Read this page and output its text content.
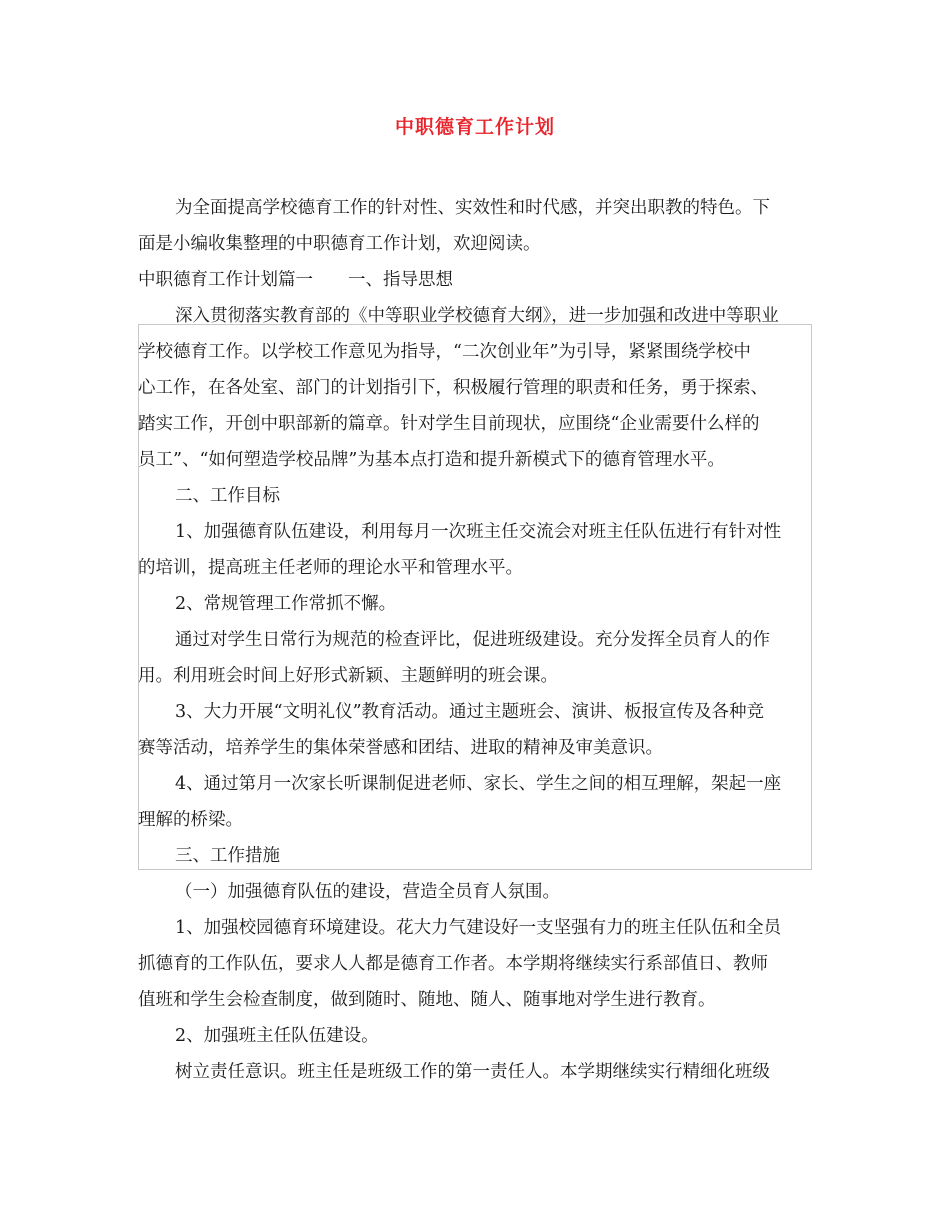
中职德育工作计划
为全面提高学校德育工作的针对性、实效性和时代感，并突出职教的特色。下
面是小编收集整理的中职德育工作计划，欢迎阅读。
中职德育工作计划篇一　　一、指导思想
深入贯彻落实教育部的《中等职业学校德育大纲》，进一步加强和改进中等职业
学校德育工作。以学校工作意见为指导，“二次创业年”为引导，紧紧围绕学校中
心工作，在各处室、部门的计划指引下，积极履行管理的职责和任务，勇于探索、
踏实工作，开创中职部新的篇章。针对学生目前现状，应围绕“企业需要什么样的
员工”、“如何塑造学校品牌”为基本点打造和提升新模式下的德育管理水平。
二、工作目标
1、加强德育队伍建设，利用每月一次班主任交流会对班主任队伍进行有针对性
的培训，提高班主任老师的理论水平和管理水平。
2、常规管理工作常抓不懈。
通过对学生日常行为规范的检查评比，促进班级建设。充分发挥全员育人的作
用。利用班会时间上好形式新颖、主题鲜明的班会课。
3、大力开展“文明礼仪”教育活动。通过主题班会、演讲、板报宣传及各种竞
赛等活动，培养学生的集体荣誉感和团结、进取的精神及审美意识。
4、通过第月一次家长听课制促进老师、家长、学生之间的相互理解，架起一座
理解的桥梁。
三、工作措施
（一）加强德育队伍的建设，营造全员育人氛围。
1、加强校园德育环境建设。花大力气建设好一支坚强有力的班主任队伍和全员
抓德育的工作队伍，要求人人都是德育工作者。本学期将继续实行系部值日、教师
值班和学生会检查制度，做到随时、随地、随人、随事地对学生进行教育。
2、加强班主任队伍建设。
树立责任意识。班主任是班级工作的第一责任人。本学期继续实行精细化班级
